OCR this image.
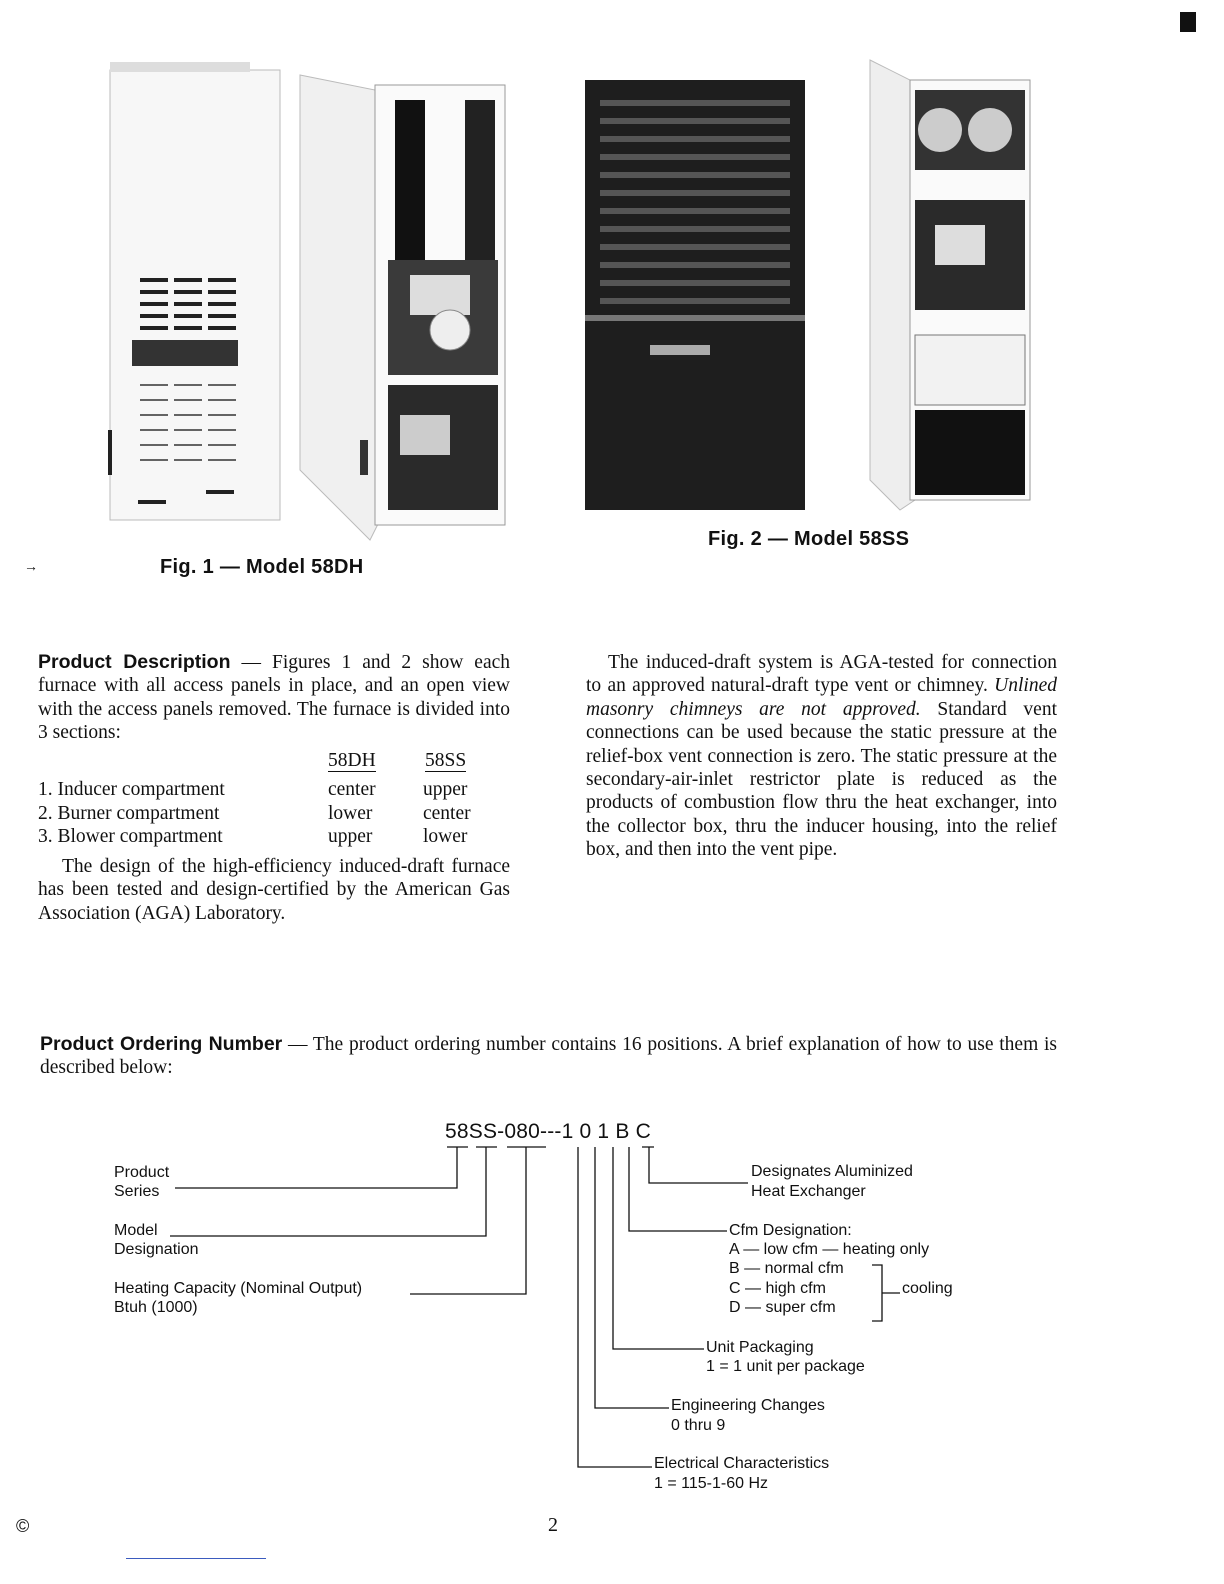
Fig. 1 — Model 58DH
→
Fig. 2 — Model 58SS
Product Description — Figures 1 and 2 show each furnace with all access panels in place, and an open view with the access panels removed. The furnace is divided into 3 sections:
	58DH	58SS

1. Inducer compartment	center	upper
2. Burner compartment	lower	center
3. Blower compartment	upper	lower
The design of the high-efficiency induced-draft furnace has been tested and design-certified by the American Gas Association (AGA) Laboratory.
The induced-draft system is AGA-tested for connection to an approved natural-draft type vent or chimney. Unlined masonry chimneys are not approved. Standard vent connections can be used because the static pressure at the relief-box vent connection is zero. The static pressure at the secondary-air-inlet restrictor plate is reduced as the products of combustion flow thru the heat exchanger, into the collector box, thru the inducer housing, into the relief box, and then into the vent pipe.
Product Ordering Number — The product ordering number contains 16 positions. A brief explanation of how to use them is described below:
58SS-080---1 0 1 B C
Product
Series
Model
Designation
Heating Capacity (Nominal Output)
Btuh (1000)
Designates Aluminized
Heat Exchanger
Cfm Designation:
A — low cfm — heating only
B — normal cfm
C — high cfm
D — super cfm
cooling
Unit Packaging
1 = 1 unit per package
Engineering Changes
0 thru 9
Electrical Characteristics
1 = 115-1-60 Hz
©	2
